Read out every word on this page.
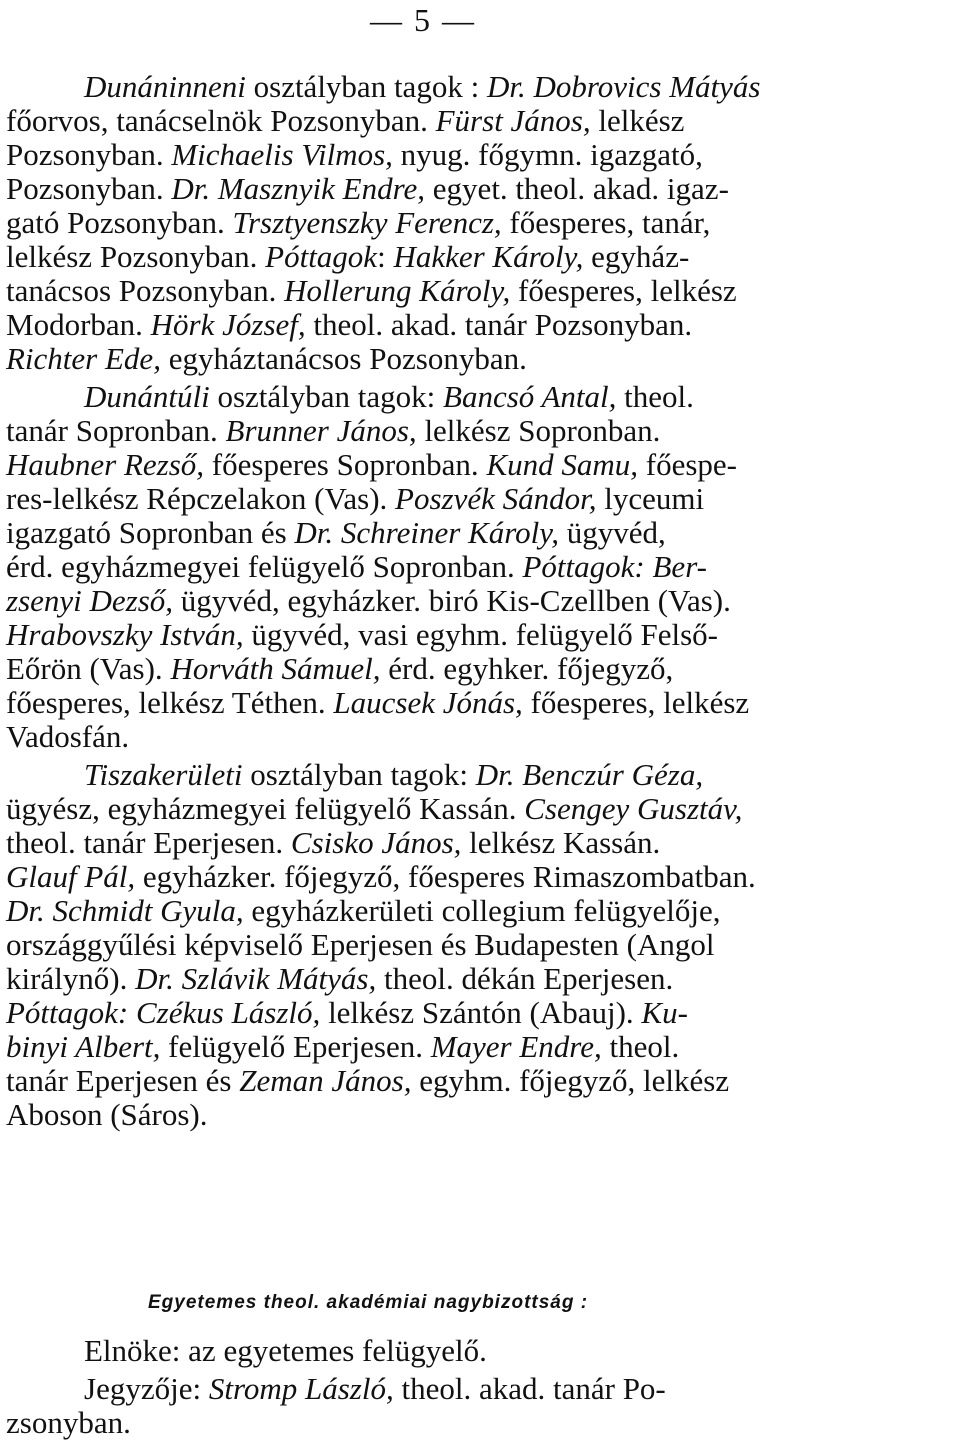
— 5 —
Dunáninneni osztályban tagok : Dr. Dobrovics Mátyás
főorvos, tanácselnök Pozsonyban. Fürst János, lelkész
Pozsonyban. Michaelis Vilmos, nyug. főgymn. igazgató,
Pozsonyban. Dr. Masznyik Endre, egyet. theol. akad. igaz-
gató Pozsonyban. Trsztyenszky Ferencz, főesperes, tanár,
lelkész Pozsonyban. Póttagok: Hakker Károly, egyház-
tanácsos Pozsonyban. Hollerung Károly, főesperes, lelkész
Modorban. Hörk József, theol. akad. tanár Pozsonyban.
Richter Ede, egyháztanácsos Pozsonyban.
Dunántúli osztályban tagok: Bancsó Antal, theol.
tanár Sopronban. Brunner János, lelkész Sopronban.
Haubner Rezső, főesperes Sopronban. Kund Samu, főespe-
res-lelkész Répczelakon (Vas). Poszvék Sándor, lyceumi
igazgató Sopronban és Dr. Schreiner Károly, ügyvéd,
érd. egyházmegyei felügyelő Sopronban. Póttagok: Ber-
zsenyi Dezső, ügyvéd, egyházker. biró Kis-Czellben (Vas).
Hrabovszky István, ügyvéd, vasi egyhm. felügyelő Felső-
Eőrön (Vas). Horváth Sámuel, érd. egyhker. főjegyző,
főesperes, lelkész Téthen. Laucsek Jónás, főesperes, lelkész
Vadosfán.
Tiszakerületi osztályban tagok: Dr. Benczúr Géza,
ügyész, egyházmegyei felügyelő Kassán. Csengey Gusztáv,
theol. tanár Eperjesen. Csisko János, lelkész Kassán.
Glauf Pál, egyházker. főjegyző, főesperes Rimaszombatban.
Dr. Schmidt Gyula, egyházkerületi collegium felügyelője,
országgyűlési képviselő Eperjesen és Budapesten (Angol
királynő). Dr. Szlávik Mátyás, theol. dékán Eperjesen.
Póttagok: Czékus László, lelkész Szántón (Abauj). Ku-
binyi Albert, felügyelő Eperjesen. Mayer Endre, theol.
tanár Eperjesen és Zeman János, egyhm. főjegyző, lelkész
Aboson (Sáros).
Egyetemes theol. akadémiai nagybizottság :
Elnöke: az egyetemes felügyelő.
Jegyzője: Stromp László, theol. akad. tanár Po-
zsonyban.
